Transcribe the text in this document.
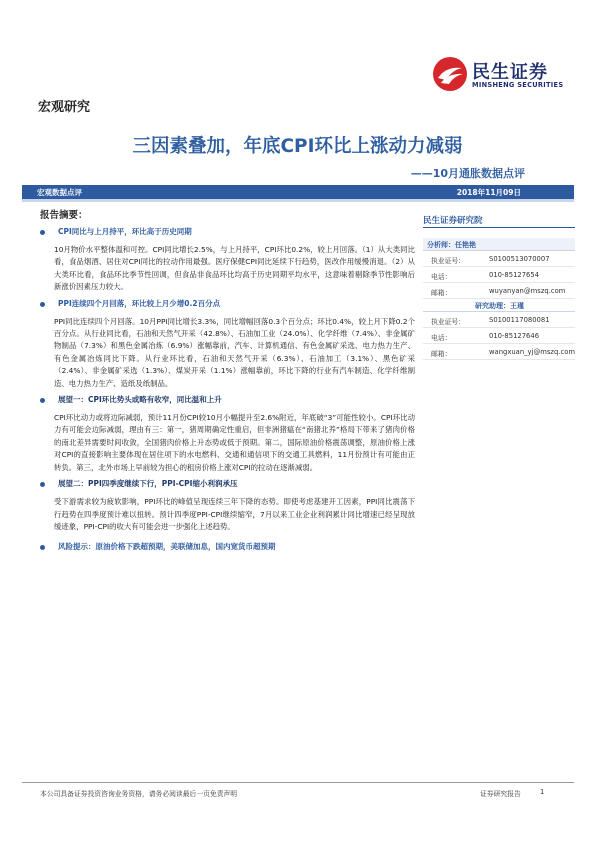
民生证券
MINSHENG SECURITIES
宏观研究
三因素叠加，年底CPI环比上涨动力减弱
——10月通胀数据点评
宏观数据点评	2018年11月09日
报告摘要：
CPI同比与上月持平，环比高于历史同期

10月物价水平整体温和可控。CPI同比增长2.5%，与上月持平，CPI环比0.2%，较上月回落。（1）从大类同比看，食品烟酒、居住对CPI同比的拉动作用最强。医疗保健CPI同比延续下行趋势，医改作用缓慢消退。（2）从大类环比看，食品环比季节性回调，但食品非食品环比均高于历史同期平均水平，这意味着剔除季节性影响后新涨价因素压力较大。

PPI连续四个月回落，环比较上月少增0.2百分点

PPI同比连续四个月回落。10月PPI同比增长3.3%，同比增幅回落0.3个百分点；环比0.4%，较上月下降0.2个百分点。从行业同比看，石油和天然气开采（42.8%）、石油加工业（24.0%）、化学纤维（7.4%）、非金属矿物制品（7.3%）和黑色金属冶炼（6.9%）涨幅靠前，汽车、计算机通信、有色金属矿采选、电力热力生产、有色金属冶炼同比下降。从行业环比看，石油和天然气开采（6.3%）、石油加工（3.1%）、黑色矿采（2.4%）、非金属矿采选（1.3%）、煤炭开采（1.1%）涨幅靠前，环比下降的行业有汽车制造、化学纤维制造、电力热力生产、造纸及纸制品。

展望一：CPI环比势头或略有收窄，同比温和上升

CPI环比动力或将边际减弱，预计11月份CPI较10月小幅提升至2.6%附近，年底破“3”可能性较小。CPI环比动力有可能会边际减弱，理由有三：第一，猪周期确定性重启，但非洲猪瘟在“南猪北养”格局下带来了猪肉价格的南北差异需要时间收敛，全国猪肉价格上升态势或低于预期。第二，国际原油价格震荡调整，原油价格上涨对CPI的直接影响主要体现在居住项下的水电燃料、交通和通信项下的交通工具燃料，11月份预计有可能由正转负。第三，北外市场上早前较为担心的租房价格上涨对CPI的拉动在逐渐减弱。

展望二：PPI四季度继续下行，PPI-CPI缩小利润承压

受下游需求较为疲软影响，PPI环比的峰值呈现连续三年下降的态势。即使考虑基建开工因素，PPI同比震荡下行趋势在四季度预计难以扭转。预计四季度PPI-CPI继续缩窄，7月以来工业企业利润累计同比增速已经呈现放缓迹象，PPI-CPI的收大有可能会进一步强化上述趋势。

风险提示：原油价格下跌超预期，美联储加息，国内宽货币超预期
民生证券研究院
分析师：任艳艳
执业证号：	S0100513070007
电话：	010-85127654
邮箱：	wuyanyan@mszq.com
研究助理：王瑾
执业证号：	S0100117080081
电话：	010-85127646
邮箱：	wangxuan_yj@mszq.com
本公司具备证券投资咨询业务资格，请务必阅读最后一页免责声明	证券研究报告	1
